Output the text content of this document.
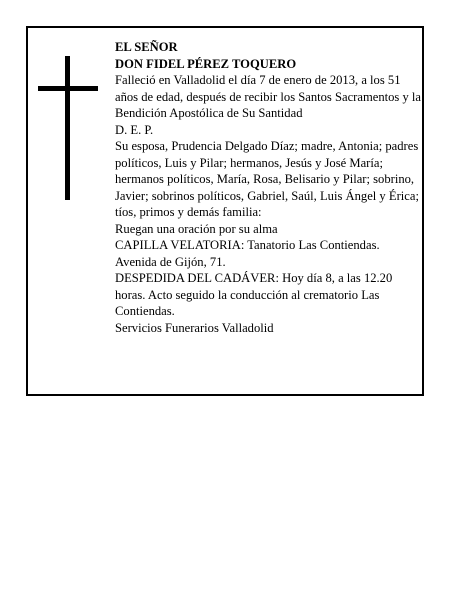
EL SEÑOR

DON FIDEL PÉREZ TOQUERO

Falleció en Valladolid el día 7 de enero de 2013, a los 51 años de edad, después de recibir los Santos Sacramentos y la Bendición Apostólica de Su Santidad

D. E. P.

Su esposa, Prudencia Delgado Díaz; madre, Antonia; padres políticos, Luis y Pilar; hermanos, Jesús y José María; hermanos políticos, María, Rosa, Belisario y Pilar; sobrino, Javier; sobrinos políticos, Gabriel, Saúl, Luis Ángel y Érica; tíos, primos y demás familia:

Ruegan una oración por su alma

CAPILLA VELATORIA: Tanatorio Las Contiendas. Avenida de Gijón, 71.

DESPEDIDA DEL CADÁVER: Hoy día 8, a las 12.20 horas. Acto seguido la conducción al crematorio Las Contiendas.

Servicios Funerarios Valladolid
